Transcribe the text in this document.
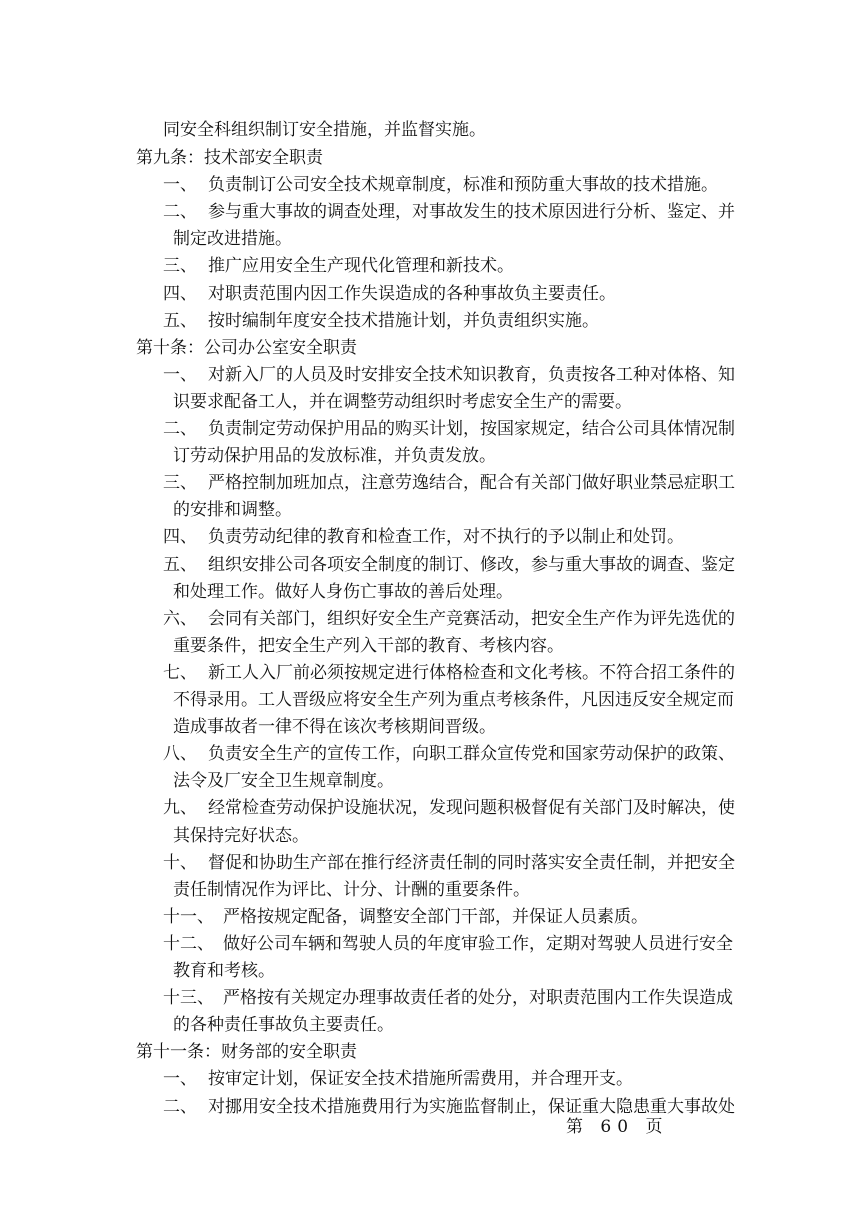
同安全科组织制订安全措施，并监督实施。
第九条：技术部安全职责
一、 负责制订公司安全技术规章制度，标准和预防重大事故的技术措施。
二、 参与重大事故的调查处理，对事故发生的技术原因进行分析、鉴定、并
制定改进措施。
三、 推广应用安全生产现代化管理和新技术。
四、 对职责范围内因工作失误造成的各种事故负主要责任。
五、 按时编制年度安全技术措施计划，并负责组织实施。
第十条：公司办公室安全职责
一、 对新入厂的人员及时安排安全技术知识教育，负责按各工种对体格、知
识要求配备工人，并在调整劳动组织时考虑安全生产的需要。
二、 负责制定劳动保护用品的购买计划，按国家规定，结合公司具体情况制
订劳动保护用品的发放标准，并负责发放。
三、 严格控制加班加点，注意劳逸结合，配合有关部门做好职业禁忌症职工
的安排和调整。
四、 负责劳动纪律的教育和检查工作，对不执行的予以制止和处罚。
五、 组织安排公司各项安全制度的制订、修改，参与重大事故的调查、鉴定
和处理工作。做好人身伤亡事故的善后处理。
六、 会同有关部门，组织好安全生产竞赛活动，把安全生产作为评先选优的
重要条件，把安全生产列入干部的教育、考核内容。
七、 新工人入厂前必须按规定进行体格检查和文化考核。不符合招工条件的
不得录用。工人晋级应将安全生产列为重点考核条件，凡因违反安全规定而
造成事故者一律不得在该次考核期间晋级。
八、 负责安全生产的宣传工作，向职工群众宣传党和国家劳动保护的政策、
法令及厂安全卫生规章制度。
九、 经常检查劳动保护设施状况，发现问题积极督促有关部门及时解决，使
其保持完好状态。
十、 督促和协助生产部在推行经济责任制的同时落实安全责任制，并把安全
责任制情况作为评比、计分、计酬的重要条件。
十一、 严格按规定配备，调整安全部门干部，并保证人员素质。
十二、 做好公司车辆和驾驶人员的年度审验工作，定期对驾驶人员进行安全
教育和考核。
十三、 严格按有关规定办理事故责任者的处分，对职责范围内工作失误造成
的各种责任事故负主要责任。
第十一条：财务部的安全职责
一、 按审定计划，保证安全技术措施所需费用，并合理开支。
二、 对挪用安全技术措施费用行为实施监督制止，保证重大隐患重大事故处
第 60 页
